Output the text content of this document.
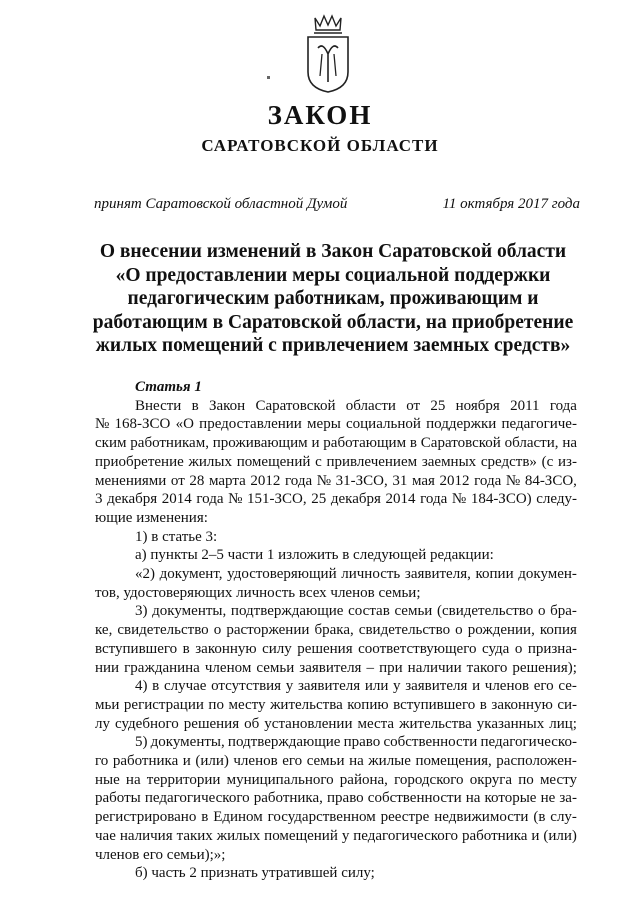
ЗАКОН
САРАТОВСКОЙ ОБЛАСТИ
принят Саратовской областной Думой	11 октября 2017 года
О внесении изменений в Закон Саратовской области
«О предоставлении меры социальной поддержки
педагогическим работникам, проживающим и
работающим в Саратовской области, на приобретение
жилых помещений с привлечением заемных средств»
Статья 1
Внести в Закон Саратовской области от 25 ноября 2011 года
№ 168-ЗСО «О предоставлении меры социальной поддержки педагогиче-
ским работникам, проживающим и работающим в Саратовской области, на
приобретение жилых помещений с привлечением заемных средств» (с из-
менениями от 28 марта 2012 года № 31-ЗСО, 31 мая 2012 года № 84-ЗСО,
3 декабря 2014 года № 151-ЗСО, 25 декабря 2014 года № 184-ЗСО) следу-
ющие изменения:
1) в статье 3:
а) пункты 2–5 части 1 изложить в следующей редакции:
«2) документ, удостоверяющий личность заявителя, копии докумен-
тов, удостоверяющих личность всех членов семьи;
3) документы, подтверждающие состав семьи (свидетельство о бра-
ке, свидетельство о расторжении брака, свидетельство о рождении, копия
вступившего в законную силу решения соответствующего суда о призна-
нии гражданина членом семьи заявителя – при наличии такого решения);
4) в случае отсутствия у заявителя или у заявителя и членов его се-
мьи регистрации по месту жительства копию вступившего в законную си-
лу судебного решения об установлении места жительства указанных лиц;
5) документы, подтверждающие право собственности педагогическо-
го работника и (или) членов его семьи на жилые помещения, расположен-
ные на территории муниципального района, городского округа по месту
работы педагогического работника, право собственности на которые не за-
регистрировано в Едином государственном реестре недвижимости (в слу-
чае наличия таких жилых помещений у педагогического работника и (или)
членов его семьи);»;
б) часть 2 признать утратившей силу;
